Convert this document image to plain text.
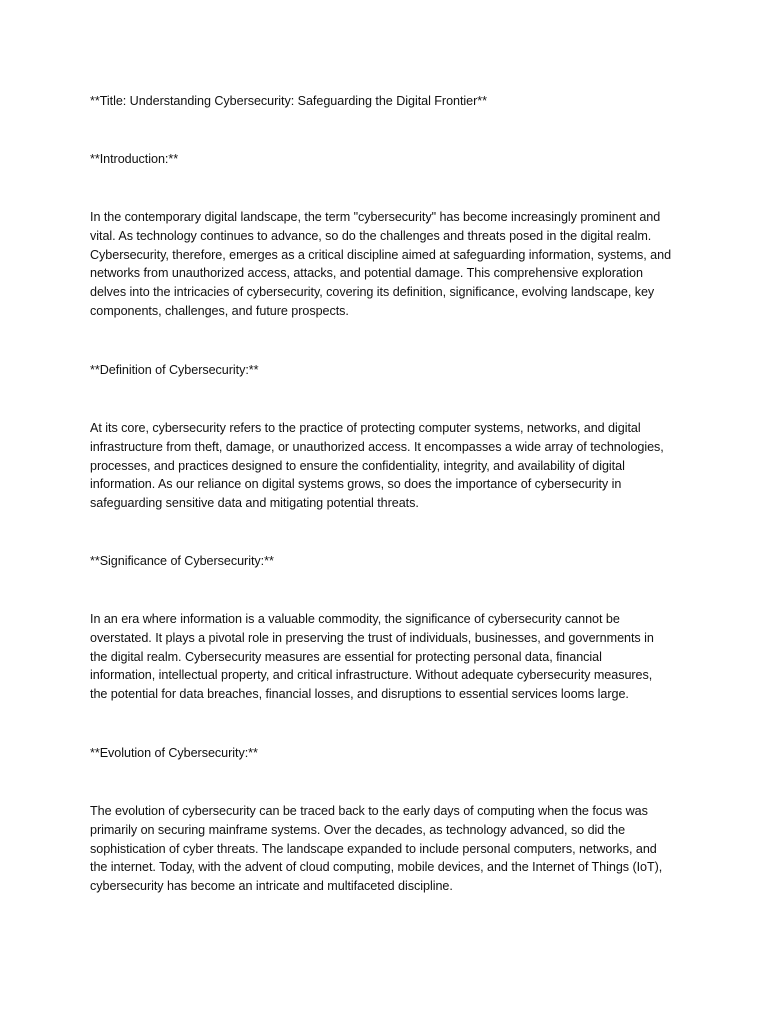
**Title: Understanding Cybersecurity: Safeguarding the Digital Frontier**
**Introduction:**
In the contemporary digital landscape, the term "cybersecurity" has become increasingly prominent and
vital. As technology continues to advance, so do the challenges and threats posed in the digital realm.
Cybersecurity, therefore, emerges as a critical discipline aimed at safeguarding information, systems, and
networks from unauthorized access, attacks, and potential damage. This comprehensive exploration
delves into the intricacies of cybersecurity, covering its definition, significance, evolving landscape, key
components, challenges, and future prospects.
**Definition of Cybersecurity:**
At its core, cybersecurity refers to the practice of protecting computer systems, networks, and digital
infrastructure from theft, damage, or unauthorized access. It encompasses a wide array of technologies,
processes, and practices designed to ensure the confidentiality, integrity, and availability of digital
information. As our reliance on digital systems grows, so does the importance of cybersecurity in
safeguarding sensitive data and mitigating potential threats.
**Significance of Cybersecurity:**
In an era where information is a valuable commodity, the significance of cybersecurity cannot be
overstated. It plays a pivotal role in preserving the trust of individuals, businesses, and governments in
the digital realm. Cybersecurity measures are essential for protecting personal data, financial
information, intellectual property, and critical infrastructure. Without adequate cybersecurity measures,
the potential for data breaches, financial losses, and disruptions to essential services looms large.
**Evolution of Cybersecurity:**
The evolution of cybersecurity can be traced back to the early days of computing when the focus was
primarily on securing mainframe systems. Over the decades, as technology advanced, so did the
sophistication of cyber threats. The landscape expanded to include personal computers, networks, and
the internet. Today, with the advent of cloud computing, mobile devices, and the Internet of Things (IoT),
cybersecurity has become an intricate and multifaceted discipline.
